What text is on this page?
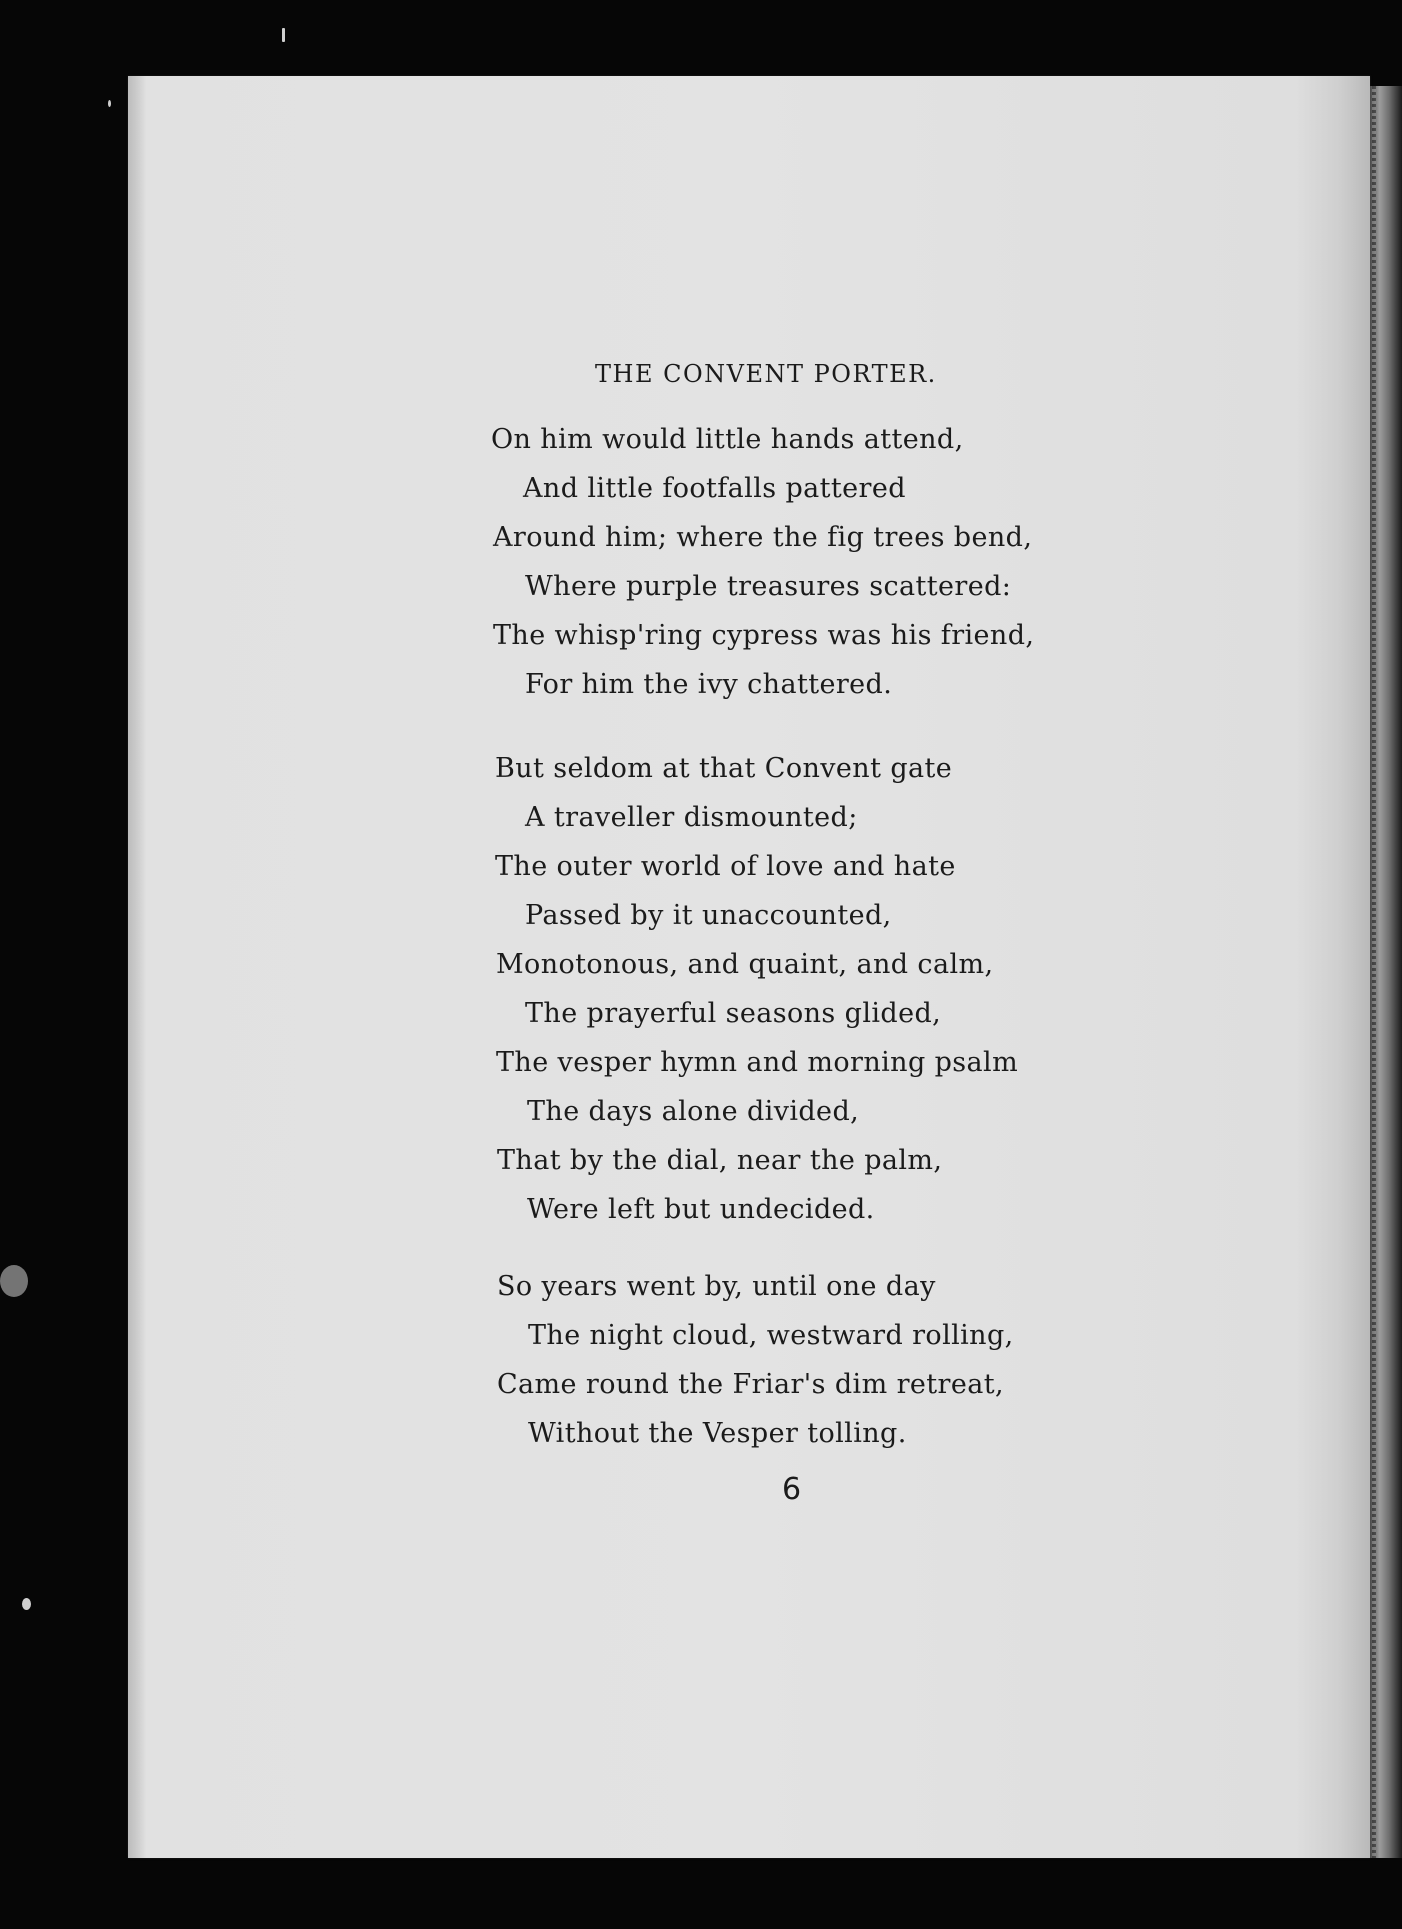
THE CONVENT PORTER.
On him would little hands attend,
And little footfalls pattered
Around him; where the fig trees bend,
Where purple treasures scattered:
The whisp'ring cypress was his friend,
For him the ivy chattered.
But seldom at that Convent gate
A traveller dismounted;
The outer world of love and hate
Passed by it unaccounted,
Monotonous, and quaint, and calm,
The prayerful seasons glided,
The vesper hymn and morning psalm
The days alone divided,
That by the dial, near the palm,
Were left but undecided.
So years went by, until one day
The night cloud, westward rolling,
Came round the Friar's dim retreat,
Without the Vesper tolling.
6
